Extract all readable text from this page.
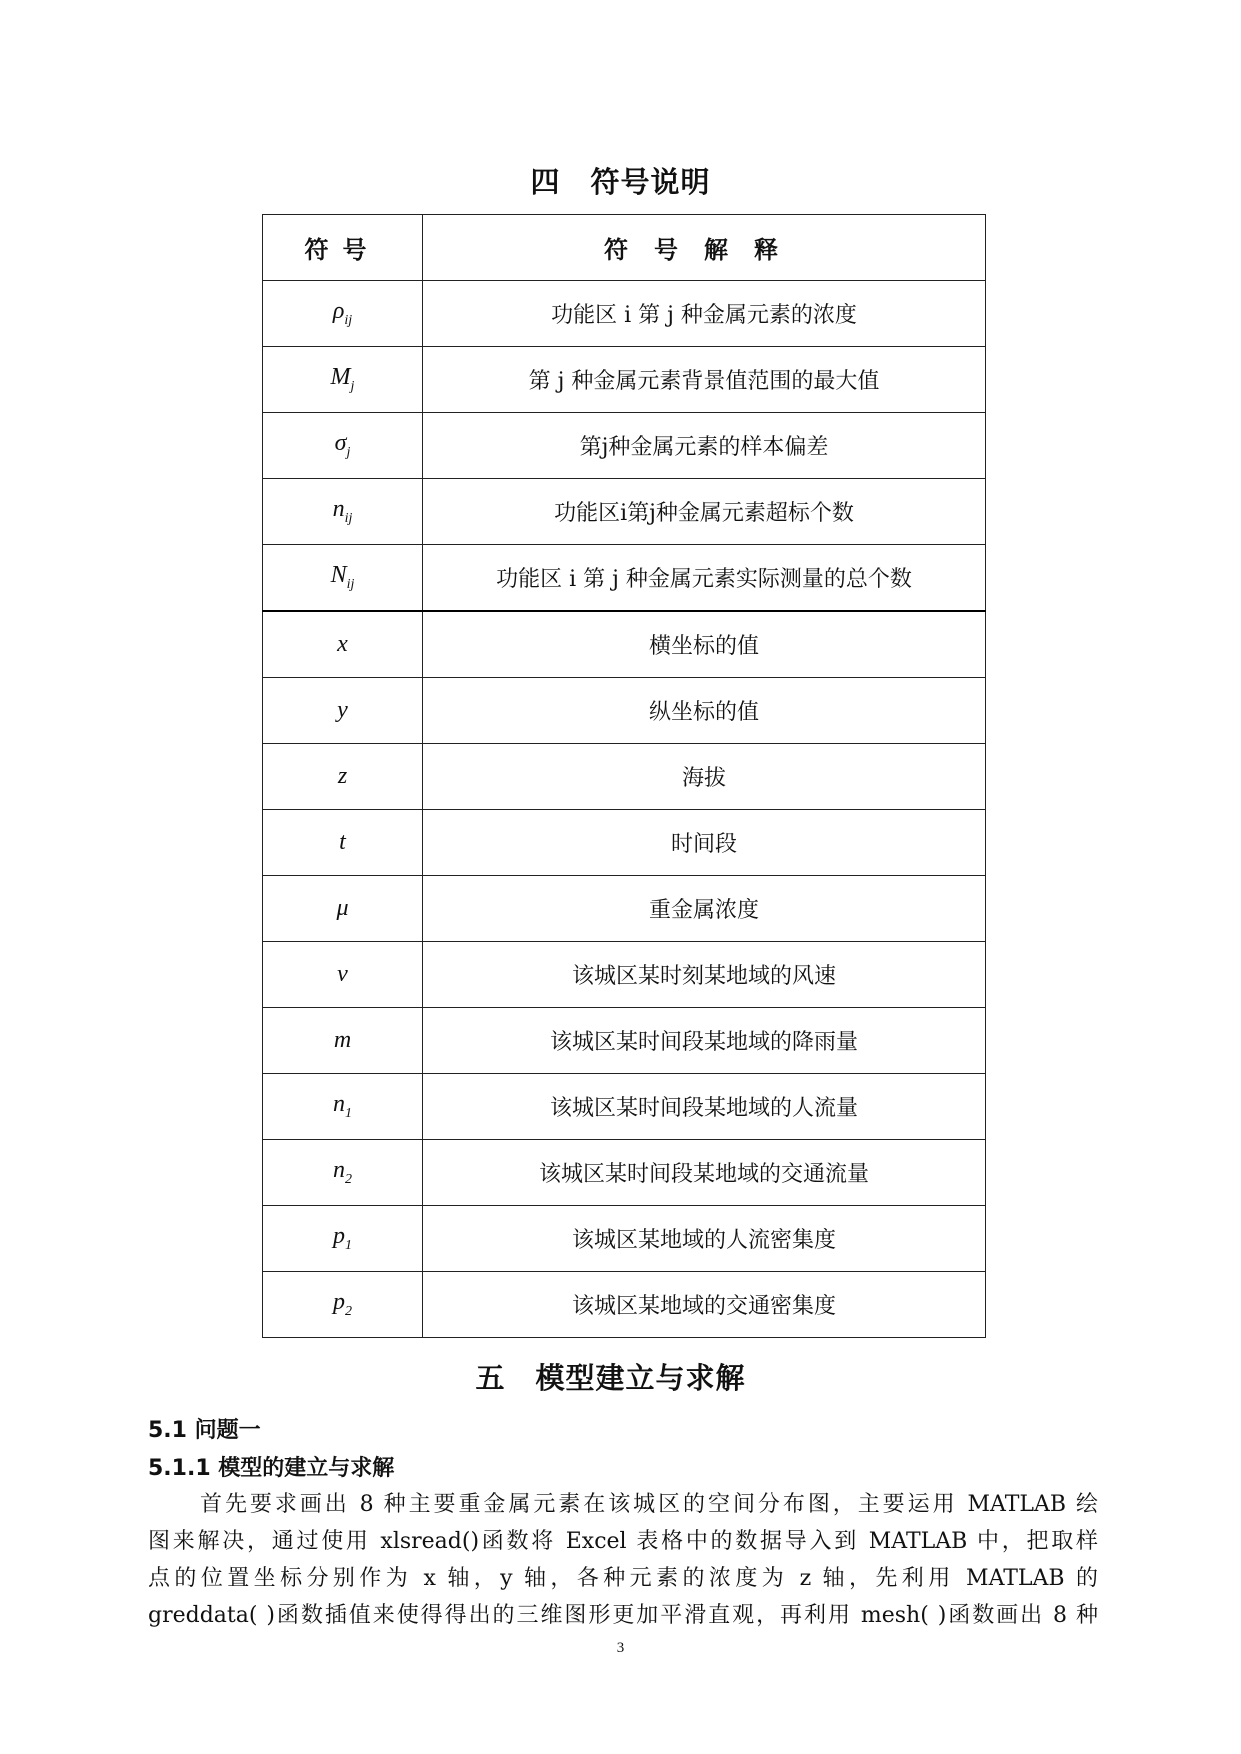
四　符号说明
符号	符号解释
$\rho_{ij}$	功能区 i 第 j 种金属元素的浓度
$M_j$	第 j 种金属元素背景值范围的最大值
$\sigma_j$	第j种金属元素的样本偏差
$n_{ij}$	功能区i第j种金属元素超标个数
$N_{ij}$	功能区 i 第 j 种金属元素实际测量的总个数
x	横坐标的值
y	纵坐标的值
z	海拔
t	时间段
μ	重金属浓度
v	该城区某时刻某地域的风速
m	该城区某时间段某地域的降雨量
$n_1$	该城区某时间段某地域的人流量
$n_2$	该城区某时间段某地域的交通流量
$p_1$	该城区某地域的人流密集度
$p_2$	该城区某地域的交通密集度
五　模型建立与求解
5.1 问题一
5.1.1 模型的建立与求解
首先要求画出 8 种主要重金属元素在该城区的空间分布图，主要运用 MATLAB 绘
图来解决，通过使用 xlsread()函数将 Excel 表格中的数据导入到 MATLAB 中，把取样
点的位置坐标分别作为 x 轴，y 轴，各种元素的浓度为 z 轴，先利用 MATLAB 的
greddata( )函数插值来使得得出的三维图形更加平滑直观，再利用 mesh( )函数画出 8 种
3
